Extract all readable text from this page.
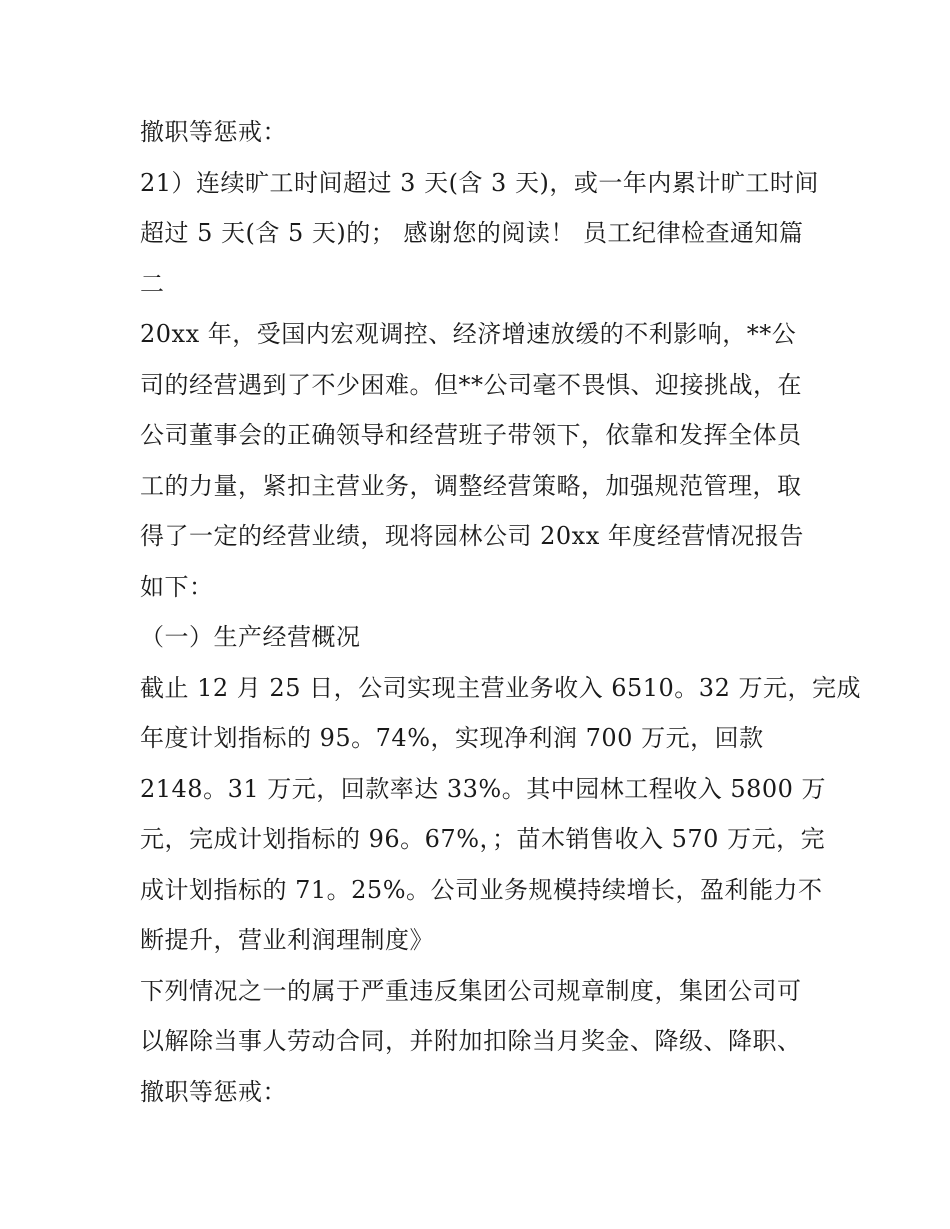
撤职等惩戒：
21）连续旷工时间超过 3 天(含 3 天)，或一年内累计旷工时间
超过 5 天(含 5 天)的； 感谢您的阅读！ 员工纪律检查通知篇
二
20xx 年，受国内宏观调控、经济增速放缓的不利影响，**公
司的经营遇到了不少困难。但**公司毫不畏惧、迎接挑战，在
公司董事会的正确领导和经营班子带领下，依靠和发挥全体员
工的力量，紧扣主营业务，调整经营策略，加强规范管理，取
得了一定的经营业绩，现将园林公司 20xx 年度经营情况报告
如下：
（一）生产经营概况
截止 12 月 25 日，公司实现主营业务收入 6510。32 万元，完成
年度计划指标的 95。74%，实现净利润 700 万元，回款
2148。31 万元，回款率达 33%。其中园林工程收入 5800 万
元，完成计划指标的 96。67%，；苗木销售收入 570 万元，完
成计划指标的 71。25%。公司业务规模持续增长，盈利能力不
断提升，营业利润理制度》
下列情况之一的属于严重违反集团公司规章制度，集团公司可
以解除当事人劳动合同，并附加扣除当月奖金、降级、降职、
撤职等惩戒：
